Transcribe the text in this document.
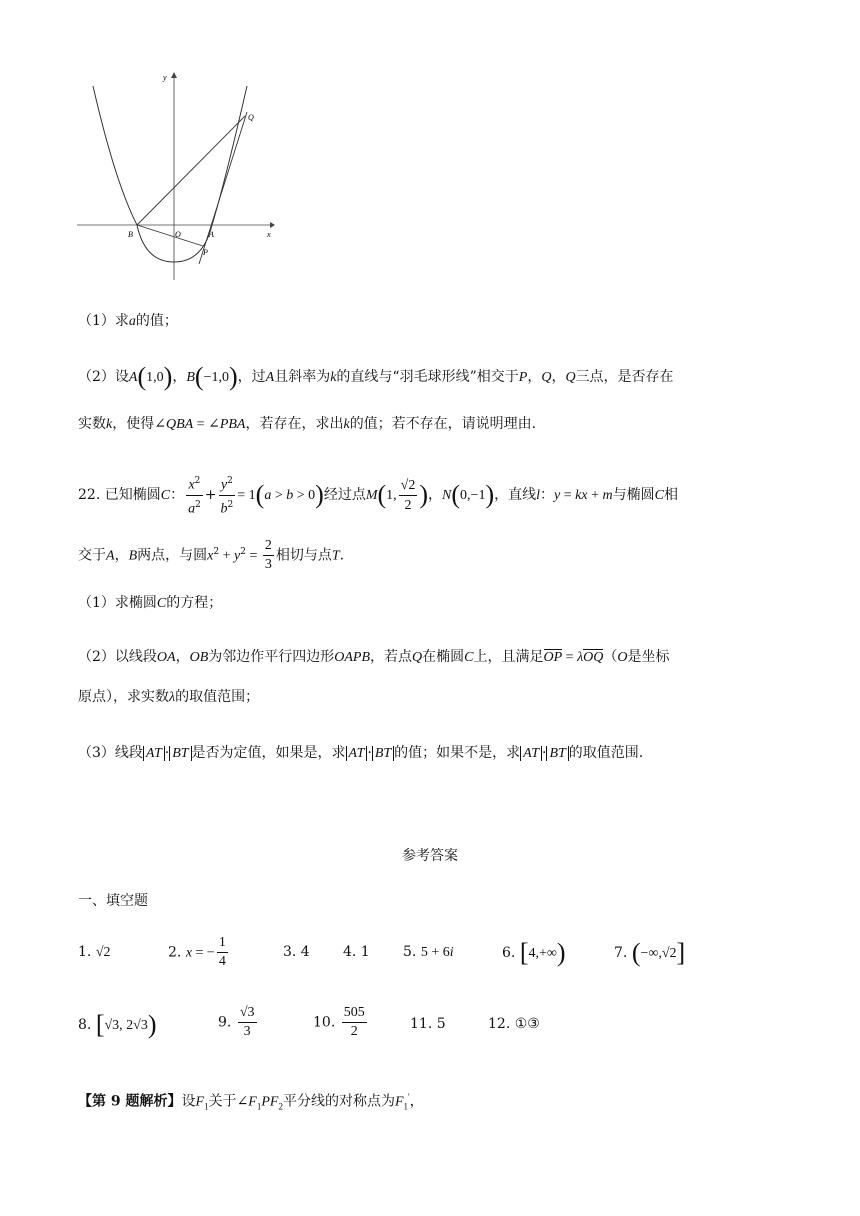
y
x
O	A
B
P
Q
（1）求a的值；
（2）设A(1,0)，B(−1,0)，过A且斜率为k的直线与“羽毛球形线”相交于P，Q，Q三点，是否存在
实数k，使得∠QBA = ∠PBA，若存在，求出k的值；若不存在，请说明理由.
22. 已知椭圆C： $\frac{x^2}{a^2} + \frac{y^2}{b^2} = 1(a > b > 0)$经过点M(1, $\frac{√2}{2}$ )，N(0,−1)，直线l：y = kx + m与椭圆C相
交于A，B两点，与圆$x^2 + y^2 = \frac{2}{3}$ 相切与点T.
（1）求椭圆C的方程；
（2）以线段OA，OB为邻边作平行四边形OAPB，若点Q在椭圆C上，且满足OP = λOQ（O是坐标
原点），求实数λ的取值范围；
（3）线段 AT · BT 是否为定值，如果是，求 AT · BT 的值；如果不是，求 AT · BT 的取值范围.
参考答案
一、填空题
1. √2	2. x = − $\frac{1}{4}$	3. 4 4. 1 5. 5 + 6i	6. [4,+∞)	7. (−∞,√2]
8. [√3, 2√3)	9. $\frac{√3}{3}$	10. $\frac{505}{2}$	11. 5	12. ①③
【第 9 题解析】设$F_1$关于$\angle F_1PF_2$平分线的对称点为$F_1'$，
